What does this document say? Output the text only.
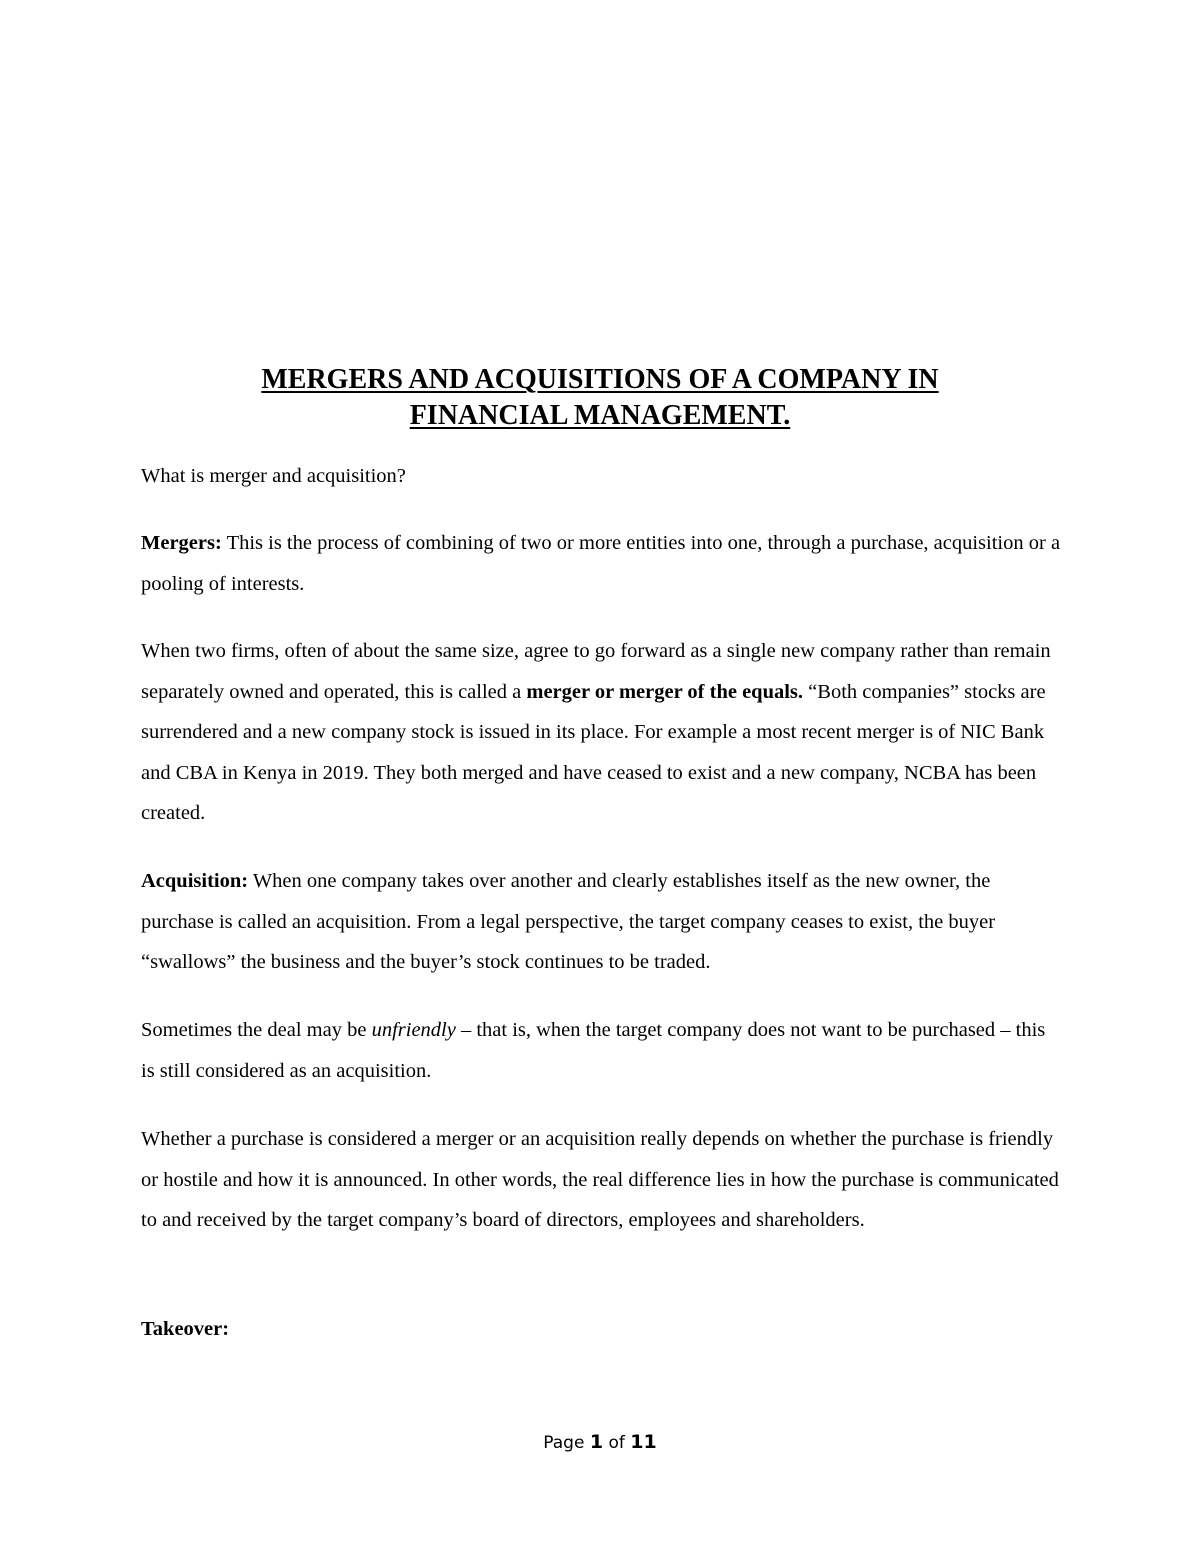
MERGERS AND ACQUISITIONS OF A COMPANY IN
FINANCIAL MANAGEMENT.

What is merger and acquisition?

Mergers: This is the process of combining of two or more entities into one, through a purchase, acquisition or a pooling of interests.

When two firms, often of about the same size, agree to go forward as a single new company rather than remain separately owned and operated, this is called a merger or merger of the equals. “Both companies” stocks are surrendered and a new company stock is issued in its place. For example a most recent merger is of NIC Bank and CBA in Kenya in 2019. They both merged and have ceased to exist and a new company, NCBA has been created.

Acquisition: When one company takes over another and clearly establishes itself as the new owner, the purchase is called an acquisition. From a legal perspective, the target company ceases to exist, the buyer “swallows” the business and the buyer’s stock continues to be traded.

Sometimes the deal may be unfriendly – that is, when the target company does not want to be purchased – this is still considered as an acquisition.

Whether a purchase is considered a merger or an acquisition really depends on whether the purchase is friendly or hostile and how it is announced. In other words, the real difference lies in how the purchase is communicated to and received by the target company’s board of directors, employees and shareholders.

Takeover:

Page 1 of 11
